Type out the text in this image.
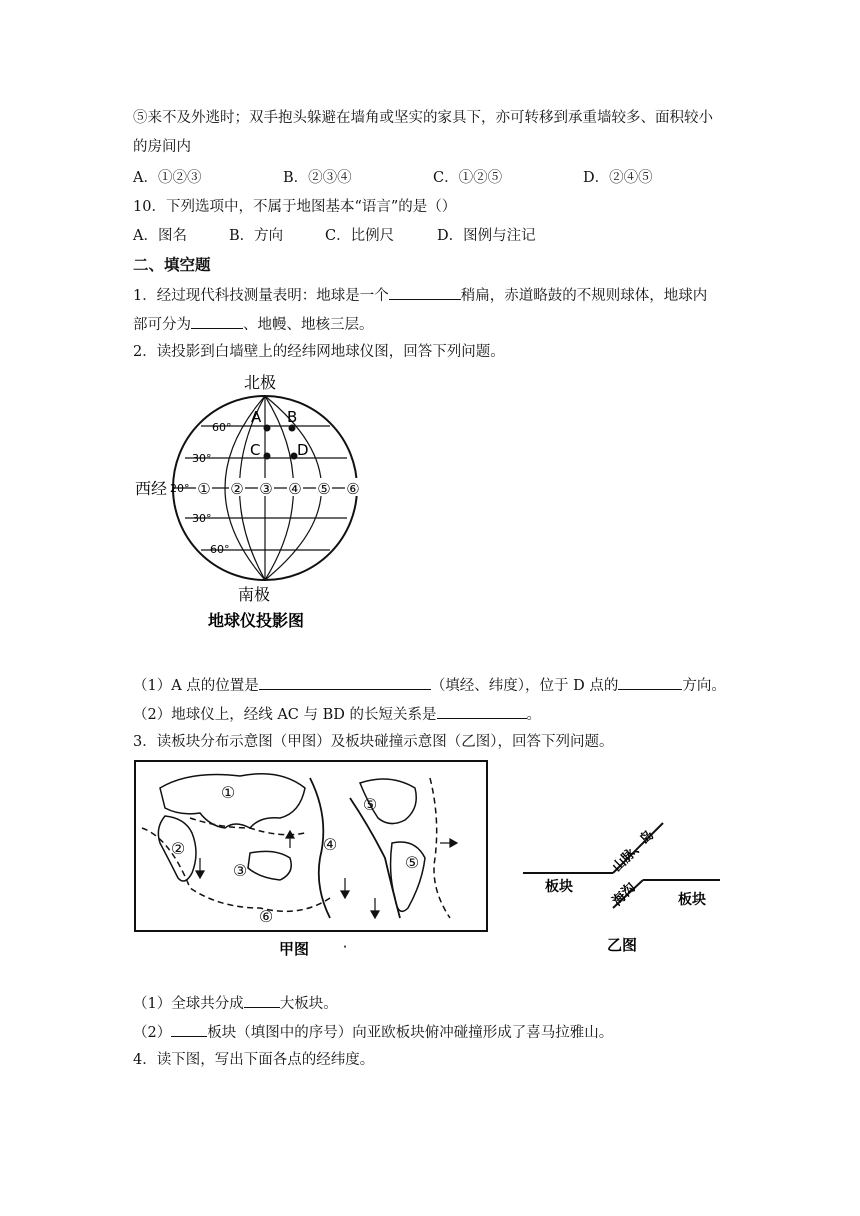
⑤来不及外逃时；双手抱头躲避在墙角或坚实的家具下，亦可转移到承重墙较多、面积较小
的房间内
A．①②③	B．②③④	C．①②⑤	D．②④⑤
10．下列选项中，不属于地图基本“语言”的是（）
A．图名	B．方向	C．比例尺	D．图例与注记
二、填空题
1．经过现代科技测量表明：地球是一个	稍扁，赤道略鼓的不规则球体，地球内
部可分为	、地幔、地核三层。
2．读投影到白墙壁上的经纬网地球仪图，回答下列问题。
北极
60°
30°
30°
60°
西经 20°
A B
C D
① ② ③ ④ ⑤ ⑥
南极
地球仪投影图
（1）A 点的位置是	（填经、纬度），位于 D 点的	方向。
（2）地球仪上，经线 AC 与 BD 的长短关系是	。
3．读板块分布示意图（甲图）及板块碰撞示意图（乙图），回答下列问题。
①
②
③
④
⑤
⑤
⑥
甲图 ·
板块
板块
山脉、岛
海沟
乙图
（1）全球共分成 大板块。
（2） 板块（填图中的序号）向亚欧板块俯冲碰撞形成了喜马拉雅山。
4．读下图，写出下面各点的经纬度。
